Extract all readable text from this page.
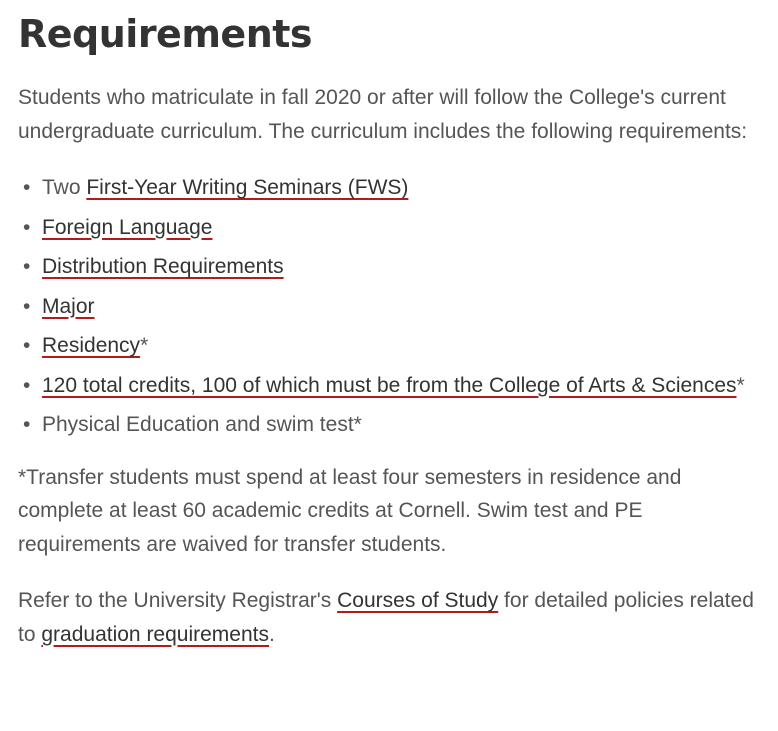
Requirements

Students who matriculate in fall 2020 or after will follow the College's current undergraduate curriculum. The curriculum includes the following requirements:

• Two First-Year Writing Seminars (FWS)
• Foreign Language
• Distribution Requirements
• Major
• Residency*
• 120 total credits, 100 of which must be from the College of Arts & Sciences*
• Physical Education and swim test*

*Transfer students must spend at least four semesters in residence and complete at least 60 academic credits at Cornell. Swim test and PE requirements are waived for transfer students.

Refer to the University Registrar's Courses of Study for detailed policies related to graduation requirements.
